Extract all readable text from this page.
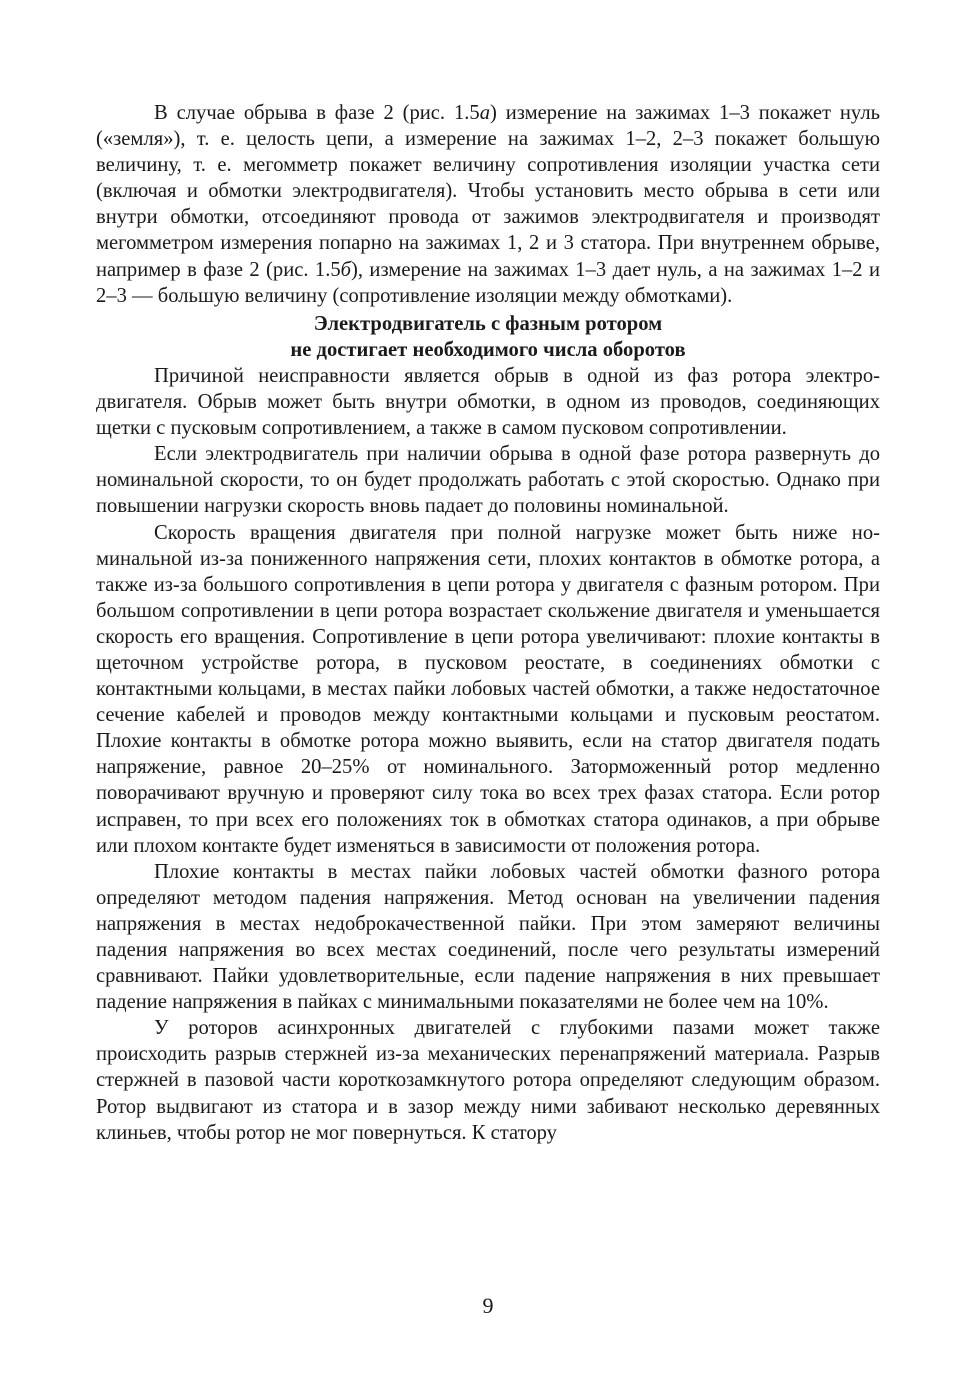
В случае обрыва в фазе 2 (рис. 1.5а) измерение на зажимах 1–3 покажет нуль («земля»), т. е. целость цепи, а измерение на зажимах 1–2, 2–3 покажет большую величину, т. е. мегомметр покажет величину сопротивления изоляции участка сети (включая и обмотки электродвигателя). Чтобы установить место обрыва в сети или внутри обмотки, отсоединяют провода от зажимов электродвигателя и производят мегомметром измерения попарно на зажимах 1, 2 и 3 статора. При внутреннем обрыве, например в фазе 2 (рис. 1.5б), измерение на зажимах 1–3 дает нуль, а на зажимах 1–2 и 2–3 — большую величину (сопротивление изоляции между обмотками).

Электродвигатель с фазным ротором
не достигает необходимого числа оборотов

Причиной неисправности является обрыв в одной из фаз ротора электродвигателя. Обрыв может быть внутри обмотки, в одном из проводов, соединяющих щетки с пусковым сопротивлением, а также в самом пусковом сопротивлении.

Если электродвигатель при наличии обрыва в одной фазе ротора развернуть до номинальной скорости, то он будет продолжать работать с этой скоростью. Однако при повышении нагрузки скорость вновь падает до половины номинальной.

Скорость вращения двигателя при полной нагрузке может быть ниже номинальной из-за пониженного напряжения сети, плохих контактов в обмотке ротора, а также из-за большого сопротивления в цепи ротора у двигателя с фазным ротором. При большом сопротивлении в цепи ротора возрастает скольжение двигателя и уменьшается скорость его вращения. Сопротивление в цепи ротора увеличивают: плохие контакты в щеточном устройстве ротора, в пусковом реостате, в соединениях обмотки с контактными кольцами, в местах пайки лобовых частей обмотки, а также недостаточное сечение кабелей и проводов между контактными кольцами и пусковым реостатом. Плохие контакты в обмотке ротора можно выявить, если на статор двигателя подать напряжение, равное 20–25% от номинального. Заторможенный ротор медленно поворачивают вручную и проверяют силу тока во всех трех фазах статора. Если ротор исправен, то при всех его положениях ток в обмотках статора одинаков, а при обрыве или плохом контакте будет изменяться в зависимости от положения ротора.

Плохие контакты в местах пайки лобовых частей обмотки фазного ротора определяют методом падения напряжения. Метод основан на увеличении падения напряжения в местах недоброкачественной пайки. При этом замеряют величины падения напряжения во всех местах соединений, после чего результаты измерений сравнивают. Пайки удовлетворительные, если падение напряжения в них превышает падение напряжения в пайках с минимальными показателями не более чем на 10%.

У роторов асинхронных двигателей с глубокими пазами может также происходить разрыв стержней из-за механических перенапряжений материала. Разрыв стержней в пазовой части короткозамкнутого ротора определяют следующим образом. Ротор выдвигают из статора и в зазор между ними забивают несколько деревянных клиньев, чтобы ротор не мог повернуться. К статору

9
